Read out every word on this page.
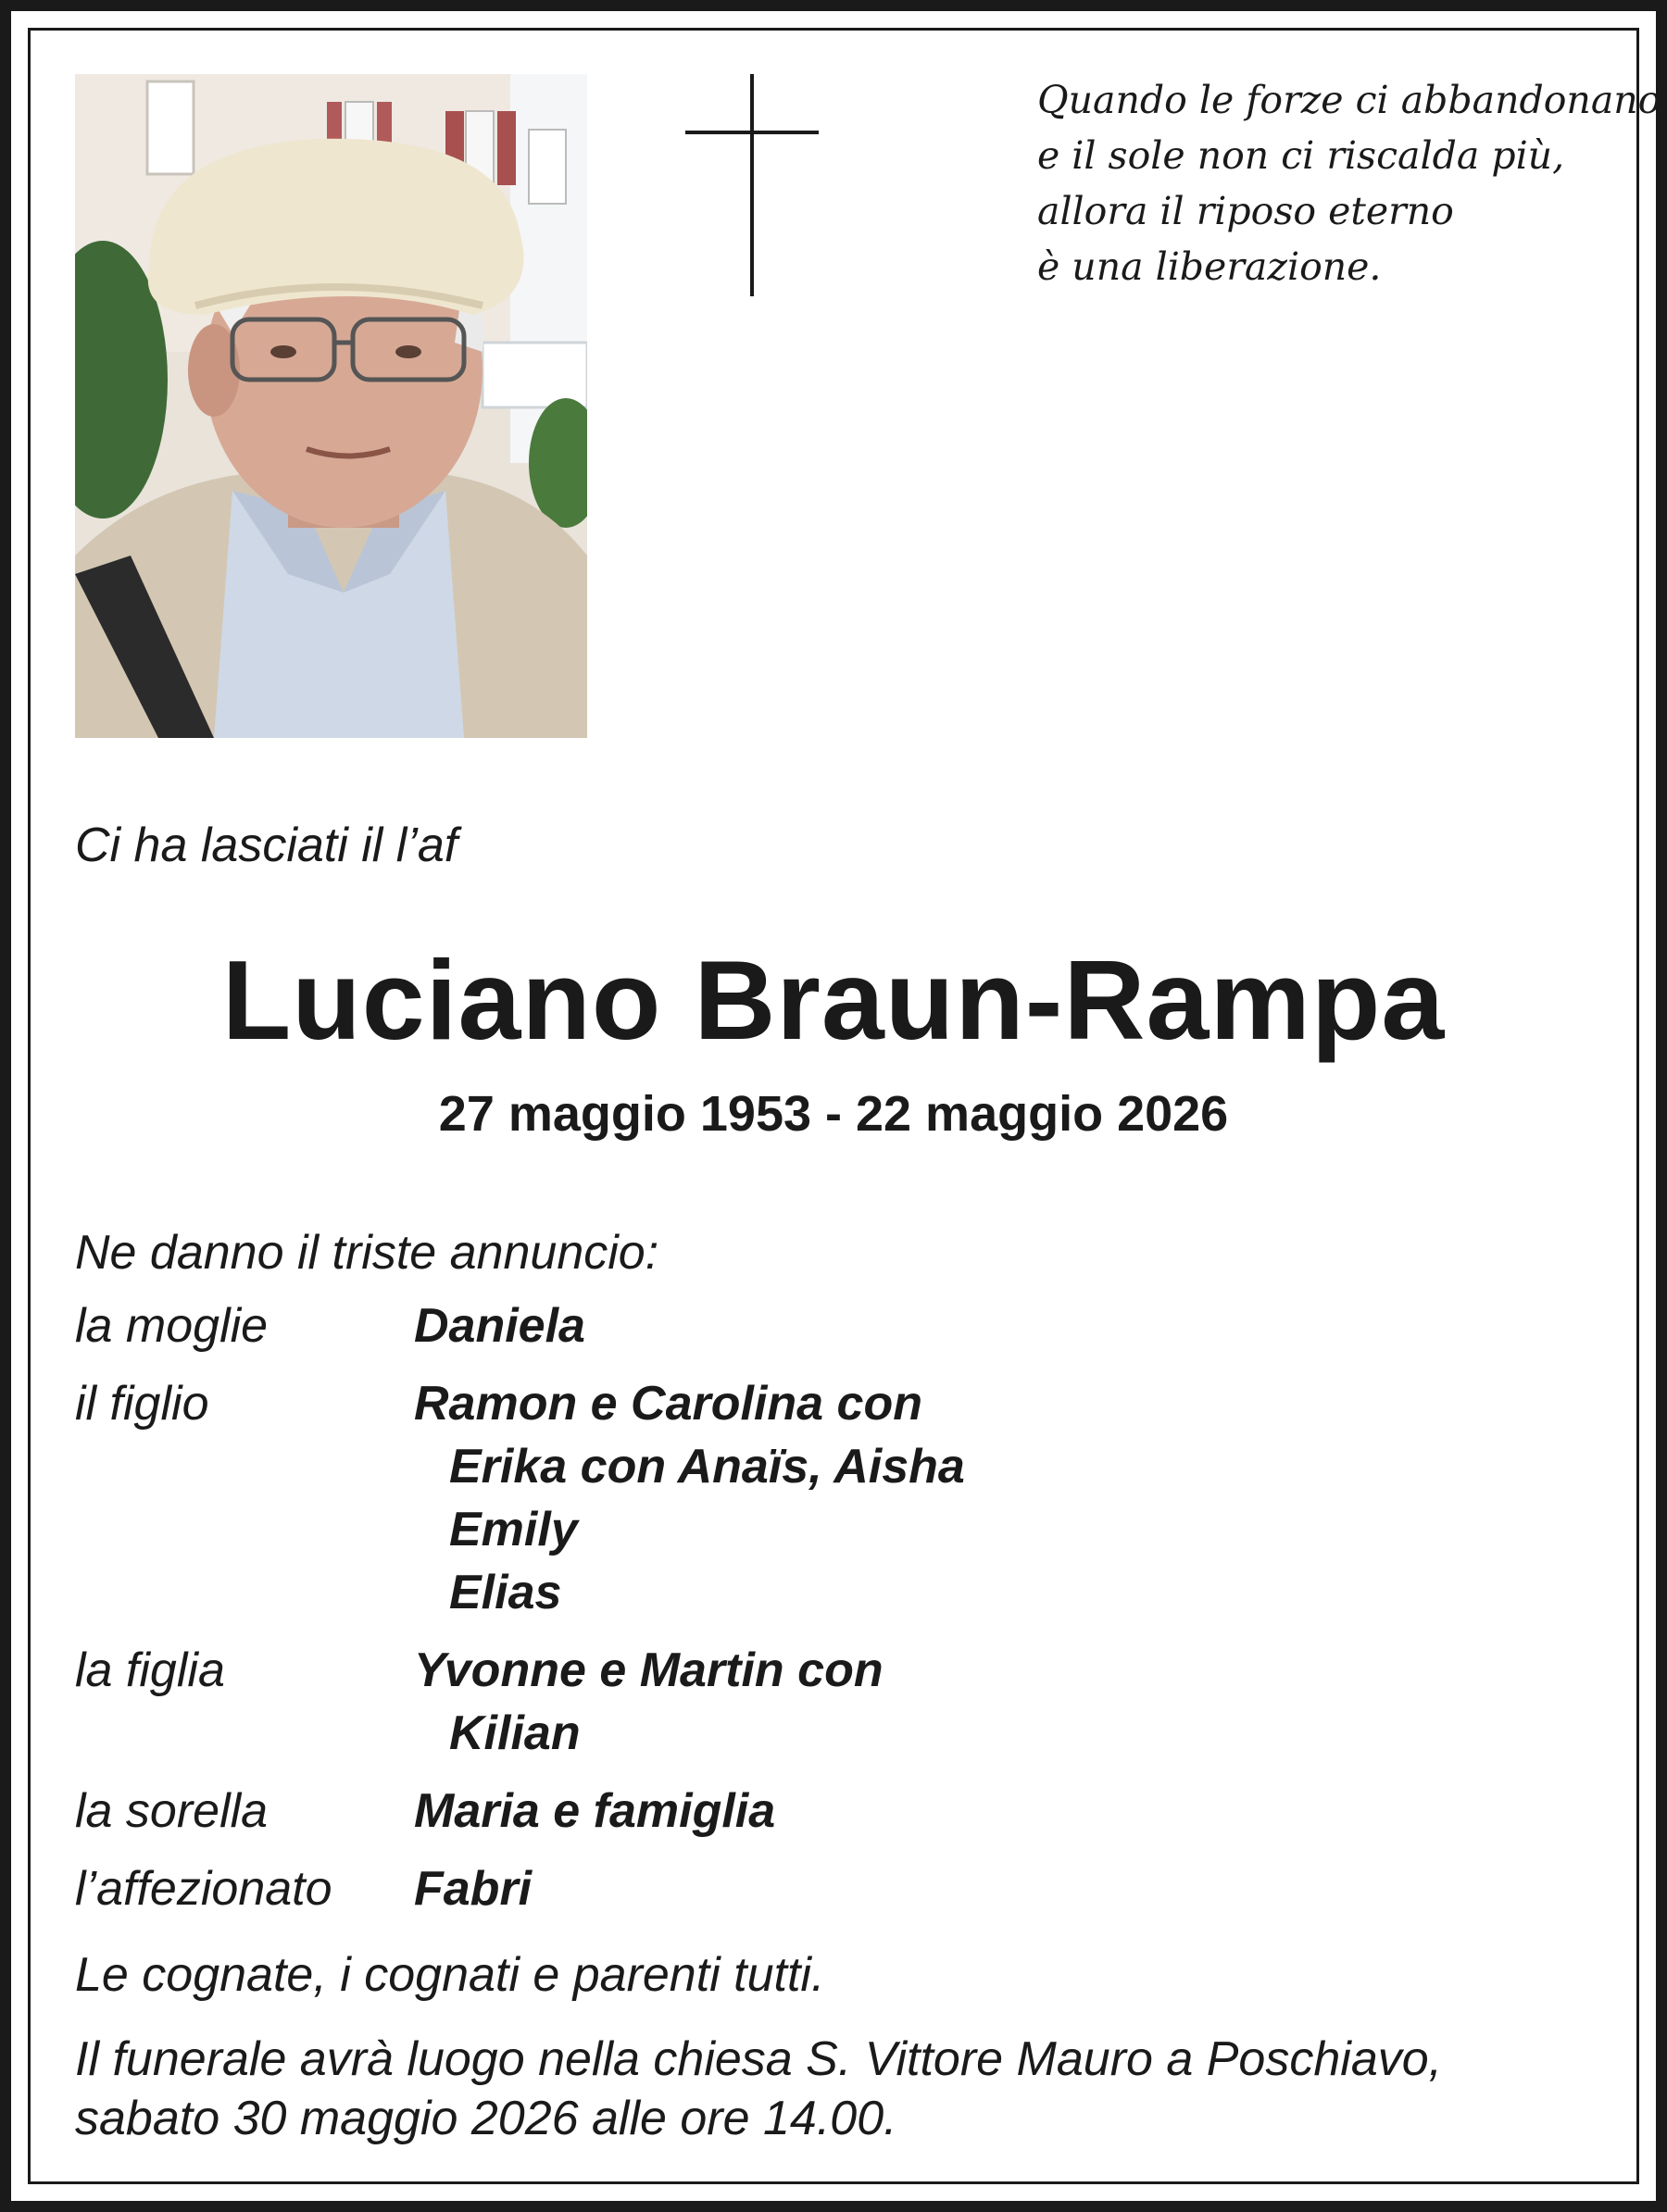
Quando le forze ci abbandonano
e il sole non ci riscalda più,
allora il riposo eterno
è una liberazione.
Ci ha lasciati il l’af
Luciano Braun-Rampa
27 maggio 1953 - 22 maggio 2026
Ne danno il triste annuncio:
la moglie	Daniela
il figlio	Ramon e Carolina con
Erika con Anaïs, Aisha
Emily
Elias
la figlia	Yvonne e Martin con
Kilian
la sorella	Maria e famiglia
l’affezionato	Fabri
Le cognate, i cognati e parenti tutti.
Il funerale avrà luogo nella chiesa S. Vittore Mauro a Poschiavo,
sabato 30 maggio 2026 alle ore 14.00.
